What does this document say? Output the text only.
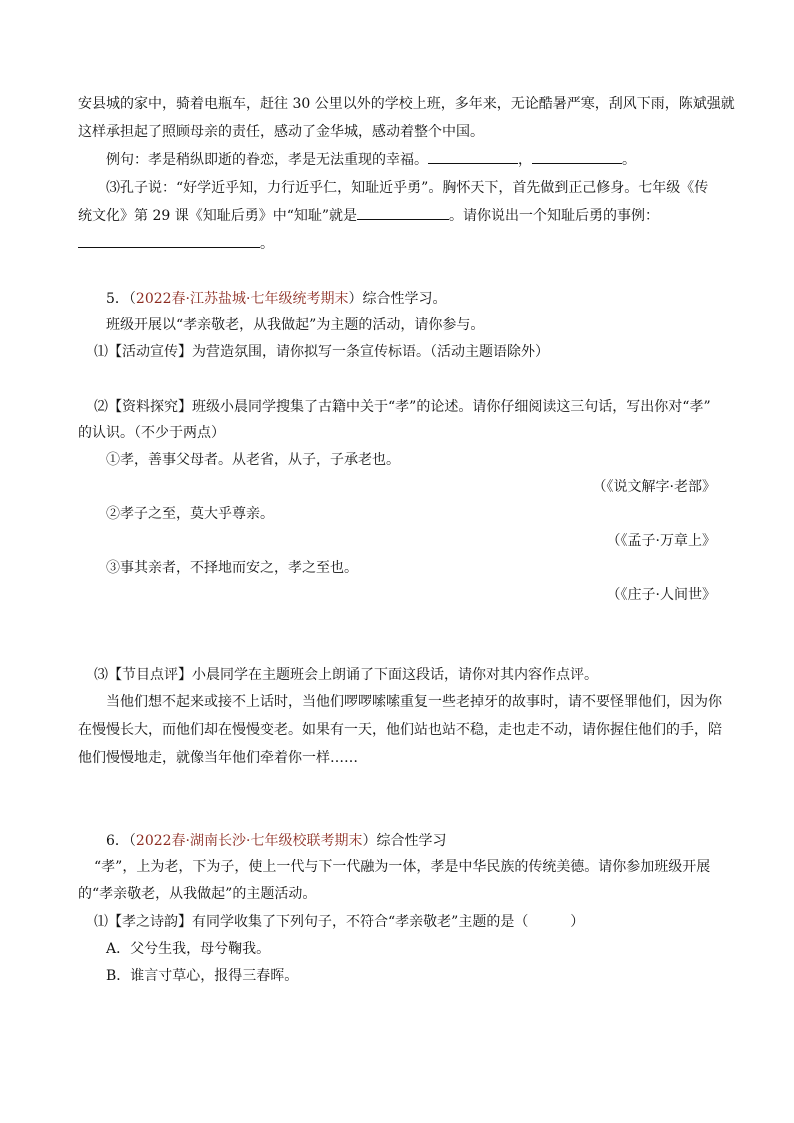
安县城的家中，骑着电瓶车，赶往 30 公里以外的学校上班，多年来，无论酷暑严寒，刮风下雨，陈斌强就
这样承担起了照顾母亲的责任，感动了金华城，感动着整个中国。
例句：孝是稍纵即逝的眷恋，孝是无法重现的幸福。	，	。
⑶孔子说：“好学近乎知，力行近乎仁，知耻近乎勇”。胸怀天下，首先做到正己修身。七年级《传
统文化》第 29 课《知耻后勇》中“知耻”就是	。请你说出一个知耻后勇的事例：
。
5．（2022春·江苏盐城·七年级统考期末）综合性学习。
班级开展以“孝亲敬老，从我做起”为主题的活动，请你参与。
⑴【活动宣传】为营造氛围，请你拟写一条宣传标语。（活动主题语除外）
⑵【资料探究】班级小晨同学搜集了古籍中关于“孝”的论述。请你仔细阅读这三句话，写出你对“孝”
的认识。（不少于两点）
①孝，善事父母者。从老省，从子，子承老也。
（《说文解字·老部》
②孝子之至，莫大乎尊亲。
（《孟子·万章上》
③事其亲者，不择地而安之，孝之至也。
（《庄子·人间世》
⑶【节目点评】小晨同学在主题班会上朗诵了下面这段话，请你对其内容作点评。
当他们想不起来或接不上话时，当他们啰啰嗦嗦重复一些老掉牙的故事时，请不要怪罪他们，因为你
在慢慢长大，而他们却在慢慢变老。如果有一天，他们站也站不稳，走也走不动，请你握住他们的手，陪
他们慢慢地走，就像当年他们牵着你一样……
6．（2022春·湖南长沙·七年级校联考期末）综合性学习
“孝”，上为老，下为子，使上一代与下一代融为一体，孝是中华民族的传统美德。请你参加班级开展
的“孝亲敬老，从我做起”的主题活动。
⑴【孝之诗韵】有同学收集了下列句子，不符合“孝亲敬老”主题的是（　　　）
A．父兮生我，母兮鞠我。
B．谁言寸草心，报得三春晖。
